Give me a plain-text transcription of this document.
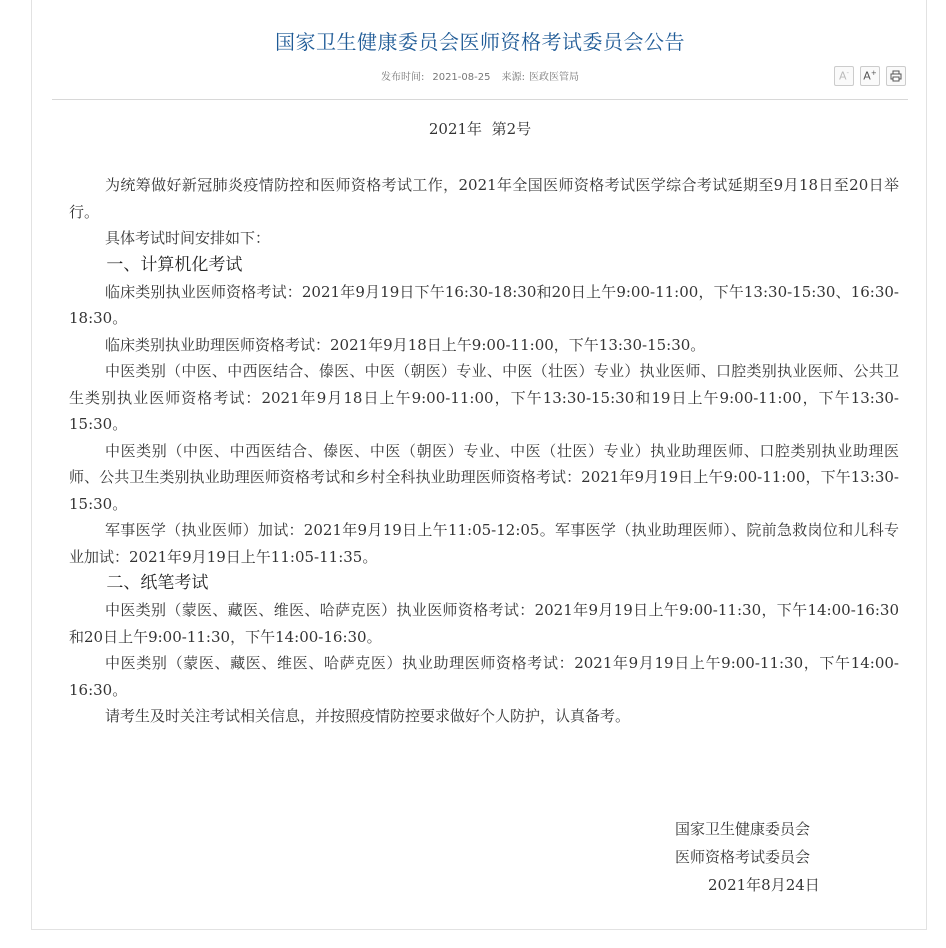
国家卫生健康委员会医师资格考试委员会公告
发布时间: 2021-08-25 来源: 医政医管局	A- A+
2021年  第2号

为统筹做好新冠肺炎疫情防控和医师资格考试工作，2021年全国医师资格考试医学综合考试延期至9月18日至20日举行。

具体考试时间安排如下：

一、计算机化考试

临床类别执业医师资格考试：2021年9月19日下午16:30-18:30和20日上午9:00-11:00，下午13:30-15:30、16:30-18:30。

临床类别执业助理医师资格考试：2021年9月18日上午9:00-11:00，下午13:30-15:30。

中医类别（中医、中西医结合、傣医、中医（朝医）专业、中医（壮医）专业）执业医师、口腔类别执业医师、公共卫生类别执业医师资格考试：2021年9月18日上午9:00-11:00，下午13:30-15:30和19日上午9:00-11:00，下午13:30-15:30。

中医类别（中医、中西医结合、傣医、中医（朝医）专业、中医（壮医）专业）执业助理医师、口腔类别执业助理医师、公共卫生类别执业助理医师资格考试和乡村全科执业助理医师资格考试：2021年9月19日上午9:00-11:00，下午13:30-15:30。

军事医学（执业医师）加试：2021年9月19日上午11:05-12:05。军事医学（执业助理医师）、院前急救岗位和儿科专业加试：2021年9月19日上午11:05-11:35。

二、纸笔考试

中医类别（蒙医、藏医、维医、哈萨克医）执业医师资格考试：2021年9月19日上午9:00-11:30，下午14:00-16:30和20日上午9:00-11:30，下午14:00-16:30。

中医类别（蒙医、藏医、维医、哈萨克医）执业助理医师资格考试：2021年9月19日上午9:00-11:30，下午14:00-16:30。

请考生及时关注考试相关信息，并按照疫情防控要求做好个人防护，认真备考。

国家卫生健康委员会
医师资格考试委员会
2021年8月24日
